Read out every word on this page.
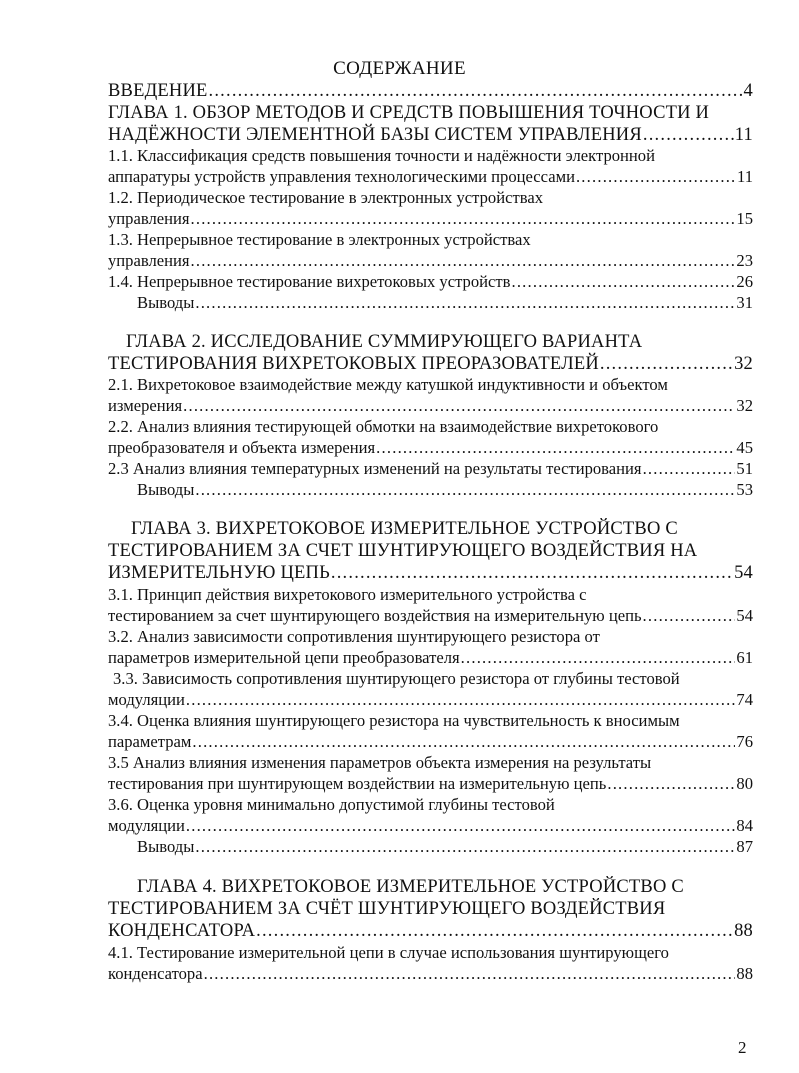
СОДЕРЖАНИЕ
ВВЕДЕНИЕ .....	4
ГЛАВА 1. ОБЗОР МЕТОДОВ И СРЕДСТВ ПОВЫШЕНИЯ ТОЧНОСТИ И
НАДЁЖНОСТИ ЭЛЕМЕНТНОЙ БАЗЫ СИСТЕМ УПРАВЛЕНИЯ .....	11
1.1. Классификация средств повышения точности и надёжности электронной
аппаратуры устройств управления технологическими процессами .....	11
1.2. Периодическое тестирование в электронных устройствах
управления .....	15
1.3. Непрерывное тестирование в электронных устройствах
управления .....	23
1.4. Непрерывное тестирование вихретоковых устройств .....	26
Выводы .....	31
ГЛАВА 2. ИССЛЕДОВАНИЕ СУММИРУЮЩЕГО ВАРИАНТА
ТЕСТИРОВАНИЯ ВИХРЕТОКОВЫХ ПРЕОРАЗОВАТЕЛЕЙ .....	32
2.1. Вихретоковое взаимодействие между катушкой индуктивности и объектом
измерения .....	32
2.2. Анализ влияния тестирующей обмотки на взаимодействие вихретокового
преобразователя и объекта измерения .....	45
2.3 Анализ влияния температурных изменений на результаты тестирования .....	51
Выводы .....	53
ГЛАВА 3. ВИХРЕТОКОВОЕ ИЗМЕРИТЕЛЬНОЕ УСТРОЙСТВО С
ТЕСТИРОВАНИЕМ ЗА СЧЕТ ШУНТИРУЮЩЕГО ВОЗДЕЙСТВИЯ НА
ИЗМЕРИТЕЛЬНУЮ ЦЕПЬ .....	54
3.1. Принцип действия вихретокового измерительного устройства с
тестированием за счет шунтирующего воздействия на измерительную цепь .....	54
3.2. Анализ зависимости сопротивления шунтирующего резистора от
параметров измерительной цепи преобразователя .....	61
3.3. Зависимость сопротивления шунтирующего резистора от глубины тестовой
модуляции .....	74
3.4. Оценка влияния шунтирующего резистора на чувствительность к вносимым
параметрам .....	76
3.5 Анализ влияния изменения параметров объекта измерения на результаты
тестирования при шунтирующем воздействии на измерительную цепь .....	80
3.6. Оценка уровня минимально допустимой глубины тестовой
модуляции .....	84
Выводы .....	87
ГЛАВА 4. ВИХРЕТОКОВОЕ ИЗМЕРИТЕЛЬНОЕ УСТРОЙСТВО С
ТЕСТИРОВАНИЕМ ЗА СЧЁТ ШУНТИРУЮЩЕГО ВОЗДЕЙСТВИЯ
КОНДЕНСАТОРА .....	88
4.1. Тестирование измерительной цепи в случае использования шунтирующего
конденсатора .....	88
2
